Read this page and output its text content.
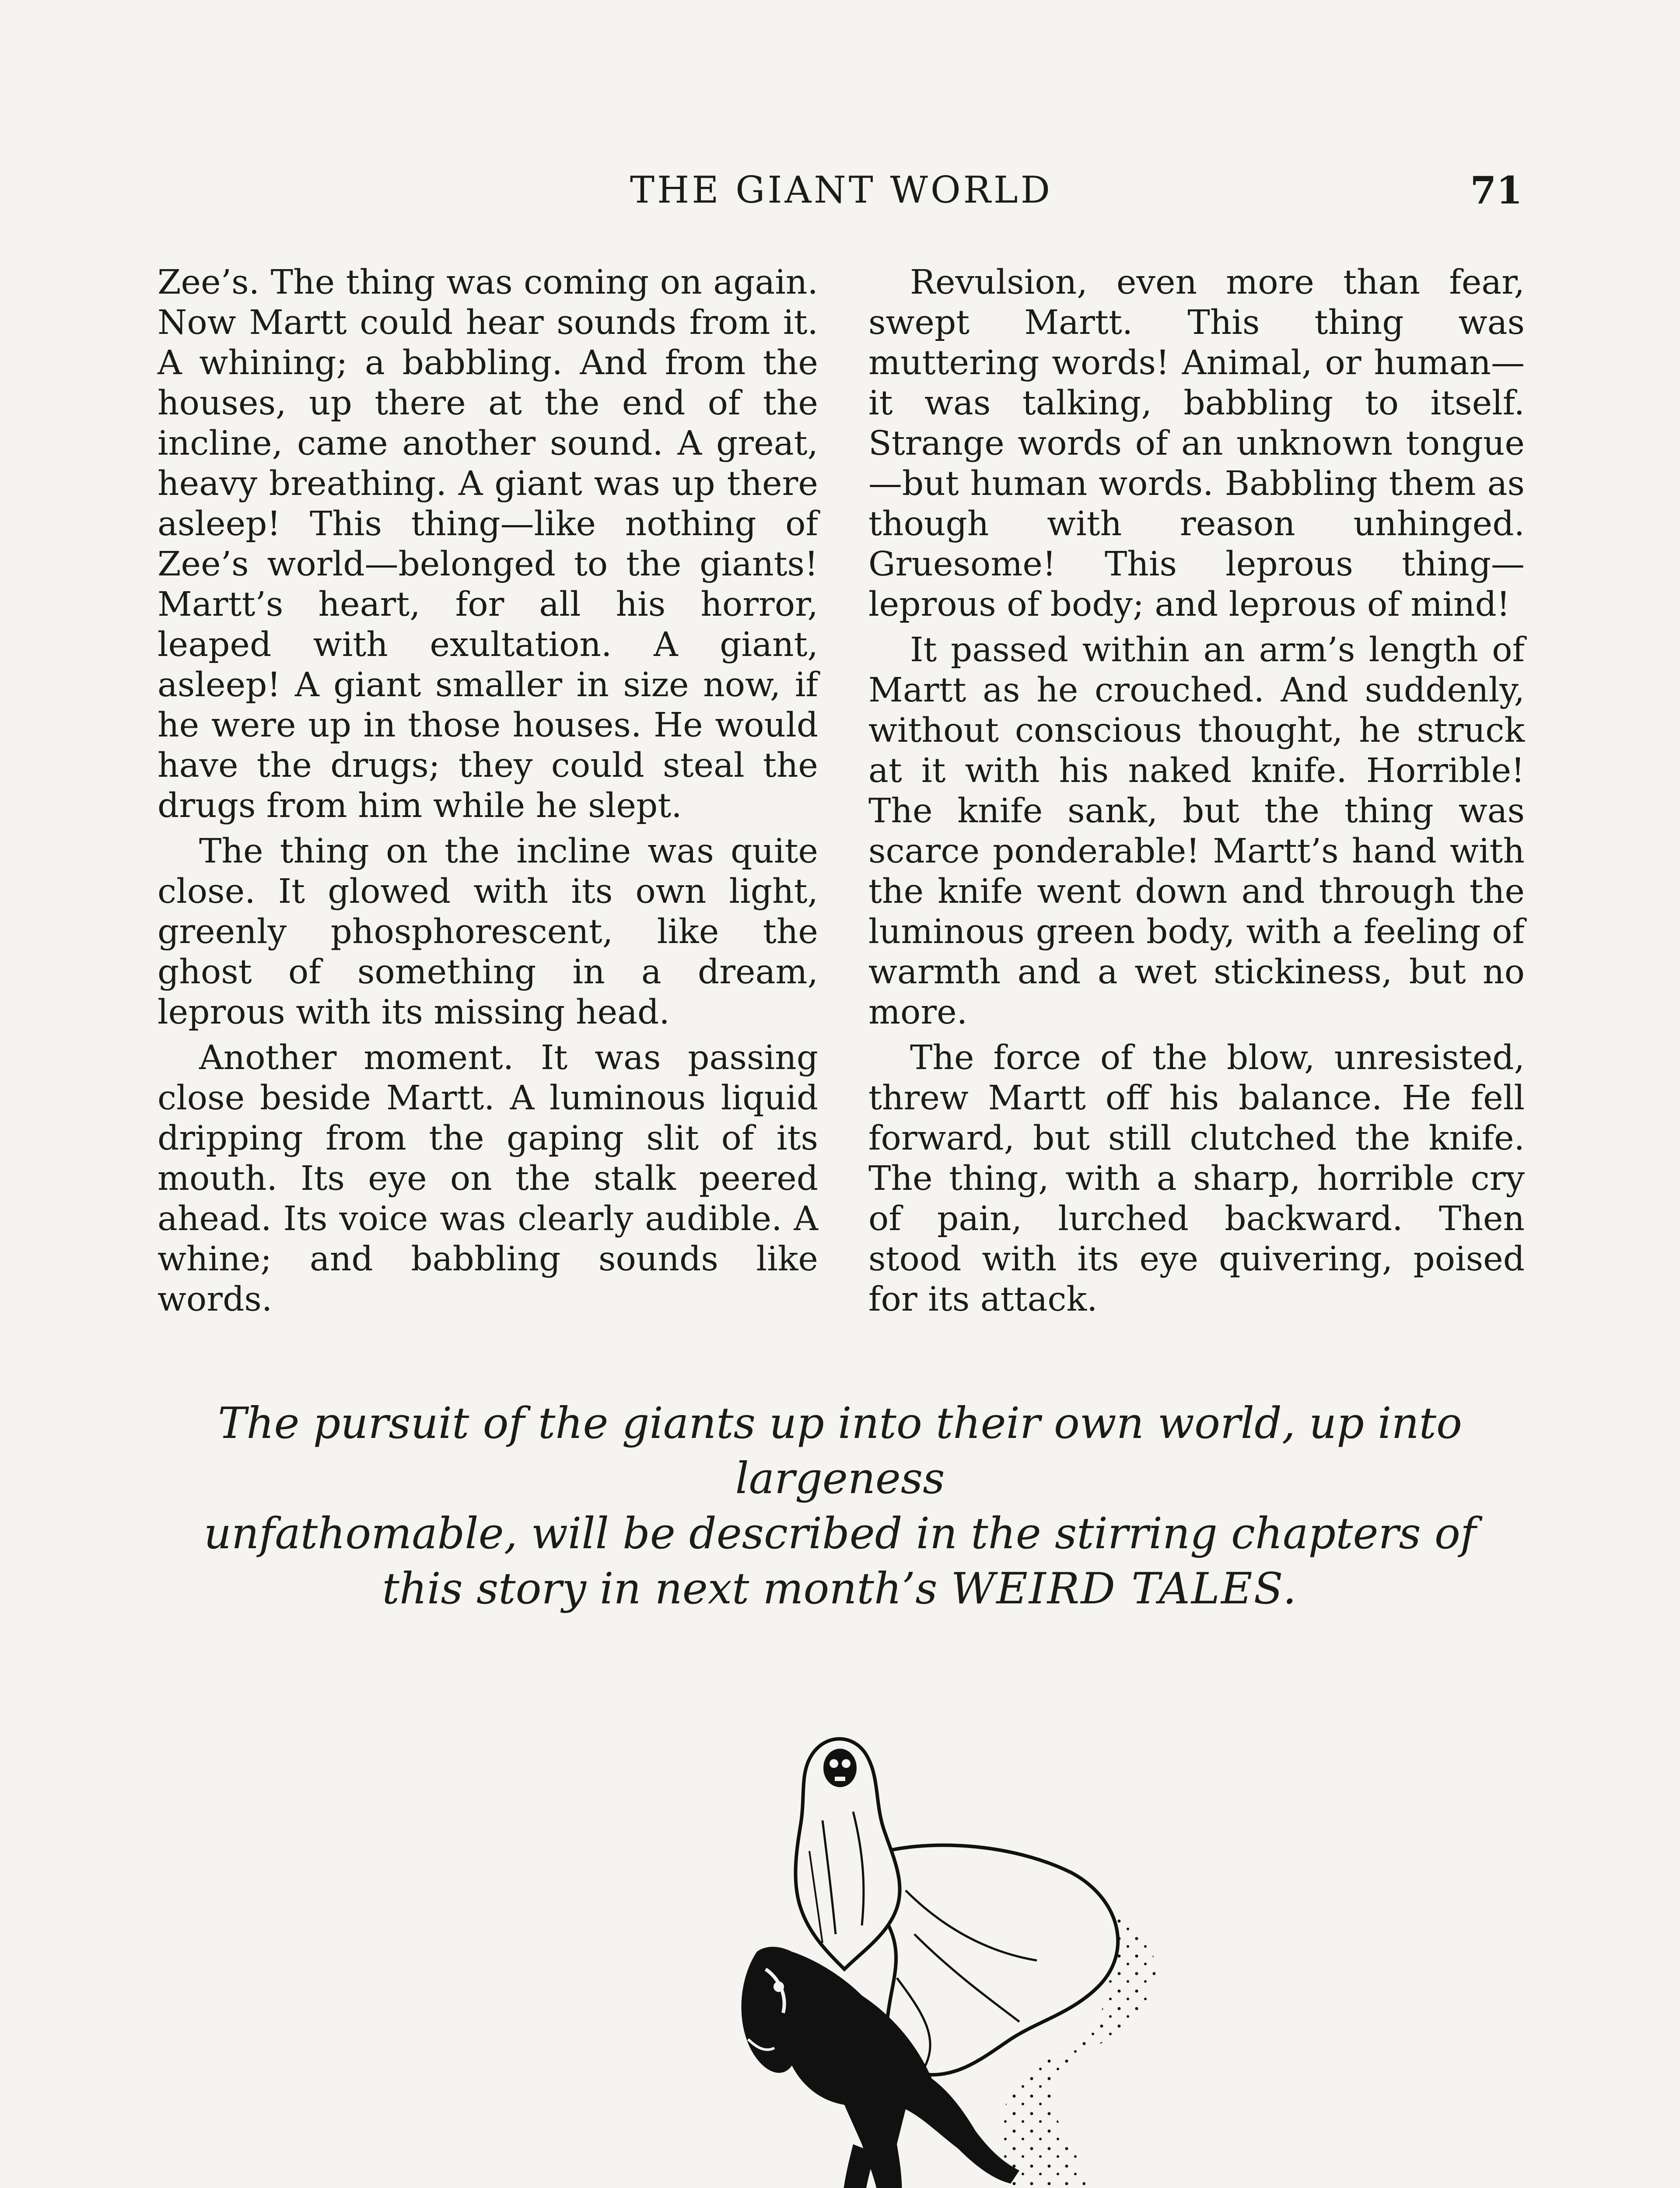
THE GIANT WORLD	71

Zee’s. The thing was coming on again. Now Martt could hear sounds from it. A whining; a babbling. And from the houses, up there at the end of the incline, came another sound. A great, heavy breathing. A giant was up there asleep! This thing—like nothing of Zee’s world—belonged to the giants! Martt’s heart, for all his horror, leaped with exultation. A giant, asleep! A giant smaller in size now, if he were up in those houses. He would have the drugs; they could steal the drugs from him while he slept.

The thing on the incline was quite close. It glowed with its own light, greenly phosphorescent, like the ghost of something in a dream, leprous with its missing head.

Another moment. It was passing close beside Martt. A luminous liquid dripping from the gaping slit of its mouth. Its eye on the stalk peered ahead. Its voice was clearly audible. A whine; and babbling sounds like words.

Revulsion, even more than fear, swept Martt. This thing was muttering words! Animal, or human—it was talking, babbling to itself. Strange words of an unknown tongue —but human words. Babbling them as though with reason unhinged. Gruesome! This leprous thing—leprous of body; and leprous of mind!

It passed within an arm’s length of Martt as he crouched. And suddenly, without conscious thought, he struck at it with his naked knife. Horrible! The knife sank, but the thing was scarce ponderable! Martt’s hand with the knife went down and through the luminous green body, with a feeling of warmth and a wet stickiness, but no more.

The force of the blow, unresisted, threw Martt off his balance. He fell forward, but still clutched the knife. The thing, with a sharp, horrible cry of pain, lurched backward. Then stood with its eye quivering, poised for its attack.

The pursuit of the giants up into their own world, up into largeness

unfathomable, will be described in the stirring chapters of

this story in next month’s WEIRD TALES.
